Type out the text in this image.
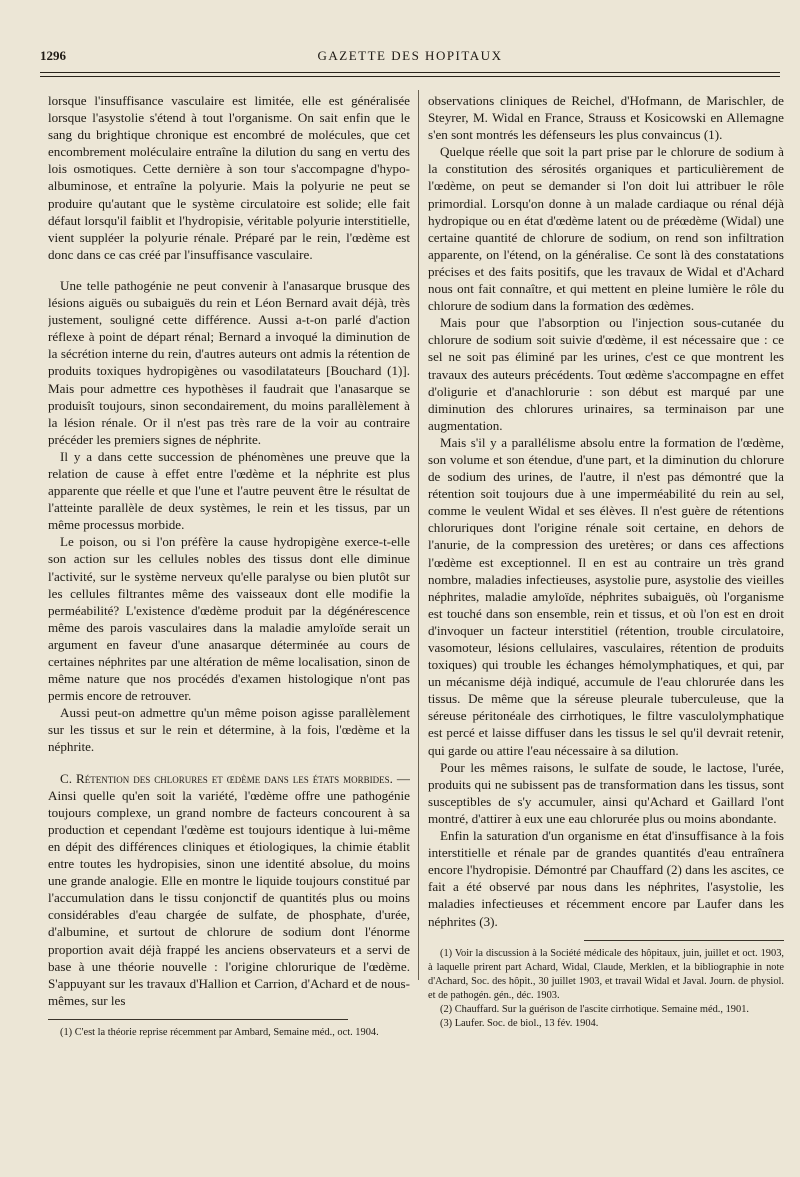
1296	GAZETTE DES HOPITAUX

lorsque l'insuffisance vasculaire est limitée, elle est généralisée lorsque l'asystolie s'étend à tout l'organisme. On sait enfin que le sang du brightique chronique est encombré de molécules, que cet encombrement moléculaire entraîne la dilution du sang en vertu des lois osmotiques. Cette dernière à son tour s'accompagne d'hypo-albuminose, et entraîne la polyurie. Mais la polyurie ne peut se produire qu'autant que le système circulatoire est solide; elle fait défaut lorsqu'il faiblit et l'hydropisie, véritable polyurie interstitielle, vient suppléer la polyurie rénale. Préparé par le rein, l'œdème est donc dans ce cas créé par l'insuffisance vasculaire.

Une telle pathogénie ne peut convenir à l'anasarque brusque des lésions aiguës ou subaiguës du rein et Léon Bernard avait déjà, très justement, souligné cette différence. Aussi a-t-on parlé d'action réflexe à point de départ rénal; Bernard a invoqué la diminution de la sécrétion interne du rein, d'autres auteurs ont admis la rétention de produits toxiques hydropigènes ou vasodilatateurs [Bouchard (1)]. Mais pour admettre ces hypothèses il faudrait que l'anasarque se produisît toujours, sinon secondairement, du moins parallèlement à la lésion rénale. Or il n'est pas très rare de la voir au contraire précéder les premiers signes de néphrite.

Il y a dans cette succession de phénomènes une preuve que la relation de cause à effet entre l'œdème et la néphrite est plus apparente que réelle et que l'une et l'autre peuvent être le résultat de l'atteinte parallèle de deux systèmes, le rein et les tissus, par un même processus morbide.

Le poison, ou si l'on préfère la cause hydropigène exerce-t-elle son action sur les cellules nobles des tissus dont elle diminue l'activité, sur le système nerveux qu'elle paralyse ou bien plutôt sur les cellules filtrantes même des vaisseaux dont elle modifie la perméabilité? L'existence d'œdème produit par la dégénérescence même des parois vasculaires dans la maladie amyloïde serait un argument en faveur d'une anasarque déterminée au cours de certaines néphrites par une altération de même localisation, sinon de même nature que nos procédés d'examen histologique n'ont pas permis encore de retrouver.

Aussi peut-on admettre qu'un même poison agisse parallèlement sur les tissus et sur le rein et détermine, à la fois, l'œdème et la néphrite.

C. Rétention des chlorures et œdème dans les états morbides. — Ainsi quelle qu'en soit la variété, l'œdème offre une pathogénie toujours complexe, un grand nombre de facteurs concourent à sa production et cependant l'œdème est toujours identique à lui-même en dépit des différences cliniques et étiologiques, la chimie établit entre toutes les hydropisies, sinon une identité absolue, du moins une grande analogie. Elle en montre le liquide toujours constitué par l'accumulation dans le tissu conjonctif de quantités plus ou moins considérables d'eau chargée de sulfate, de phosphate, d'urée, d'albumine, et surtout de chlorure de sodium dont l'énorme proportion avait déjà frappé les anciens observateurs et a servi de base à une théorie nouvelle : l'origine chlorurique de l'œdème. S'appuyant sur les travaux d'Hallion et Carrion, d'Achard et de nous-mêmes, sur les

(1) C'est la théorie reprise récemment par Ambard, Semaine méd., oct. 1904.

observations cliniques de Reichel, d'Hofmann, de Marischler, de Steyrer, M. Widal en France, Strauss et Kosicowski en Allemagne s'en sont montrés les défenseurs les plus convaincus (1).

Quelque réelle que soit la part prise par le chlorure de sodium à la constitution des sérosités organiques et particulièrement de l'œdème, on peut se demander si l'on doit lui attribuer le rôle primordial. Lorsqu'on donne à un malade cardiaque ou rénal déjà hydropique ou en état d'œdème latent ou de préœdème (Widal) une certaine quantité de chlorure de sodium, on rend son infiltration apparente, on l'étend, on la généralise. Ce sont là des constatations précises et des faits positifs, que les travaux de Widal et d'Achard nous ont fait connaître, et qui mettent en pleine lumière le rôle du chlorure de sodium dans la formation des œdèmes.

Mais pour que l'absorption ou l'injection sous-cutanée du chlorure de sodium soit suivie d'œdème, il est nécessaire que : ce sel ne soit pas éliminé par les urines, c'est ce que montrent les travaux des auteurs précédents. Tout œdème s'accompagne en effet d'oligurie et d'anachlorurie : son début est marqué par une diminution des chlorures urinaires, sa terminaison par une augmentation.

Mais s'il y a parallélisme absolu entre la formation de l'œdème, son volume et son étendue, d'une part, et la diminution du chlorure de sodium des urines, de l'autre, il n'est pas démontré que la rétention soit toujours due à une imperméabilité du rein au sel, comme le veulent Widal et ses élèves. Il n'est guère de rétentions chloruriques dont l'origine rénale soit certaine, en dehors de l'anurie, de la compression des uretères; or dans ces affections l'œdème est exceptionnel. Il en est au contraire un très grand nombre, maladies infectieuses, asystolie pure, asystolie des vieilles néphrites, maladie amyloïde, néphrites subaiguës, où l'organisme est touché dans son ensemble, rein et tissus, et où l'on est en droit d'invoquer un facteur interstitiel (rétention, trouble circulatoire, vasomoteur, lésions cellulaires, vasculaires, rétention de produits toxiques) qui trouble les échanges hémolymphatiques, et qui, par un mécanisme déjà indiqué, accumule de l'eau chlorurée dans les tissus. De même que la séreuse pleurale tuberculeuse, que la séreuse péritonéale des cirrhotiques, le filtre vasculolymphatique est percé et laisse diffuser dans les tissus le sel qu'il devrait retenir, qui garde ou attire l'eau nécessaire à sa dilution.

Pour les mêmes raisons, le sulfate de soude, le lactose, l'urée, produits qui ne subissent pas de transformation dans les tissus, sont susceptibles de s'y accumuler, ainsi qu'Achard et Gaillard l'ont montré, d'attirer à eux une eau chlorurée plus ou moins abondante.

Enfin la saturation d'un organisme en état d'insuffisance à la fois interstitielle et rénale par de grandes quantités d'eau entraînera encore l'hydropisie. Démontré par Chauffard (2) dans les ascites, ce fait a été observé par nous dans les néphrites, l'asystolie, les maladies infectieuses et récemment encore par Laufer dans les néphrites (3).

(1) Voir la discussion à la Société médicale des hôpitaux, juin, juillet et oct. 1903, à laquelle prirent part Achard, Widal, Claude, Merklen, et la bibliographie in note d'Achard, Soc. des hôpit., 30 juillet 1903, et travail Widal et Javal. Journ. de physiol. et de pathogén. gén., déc. 1903.

(2) Chauffard. Sur la guérison de l'ascite cirrhotique. Semaine méd., 1901.

(3) Laufer. Soc. de biol., 13 fév. 1904.
